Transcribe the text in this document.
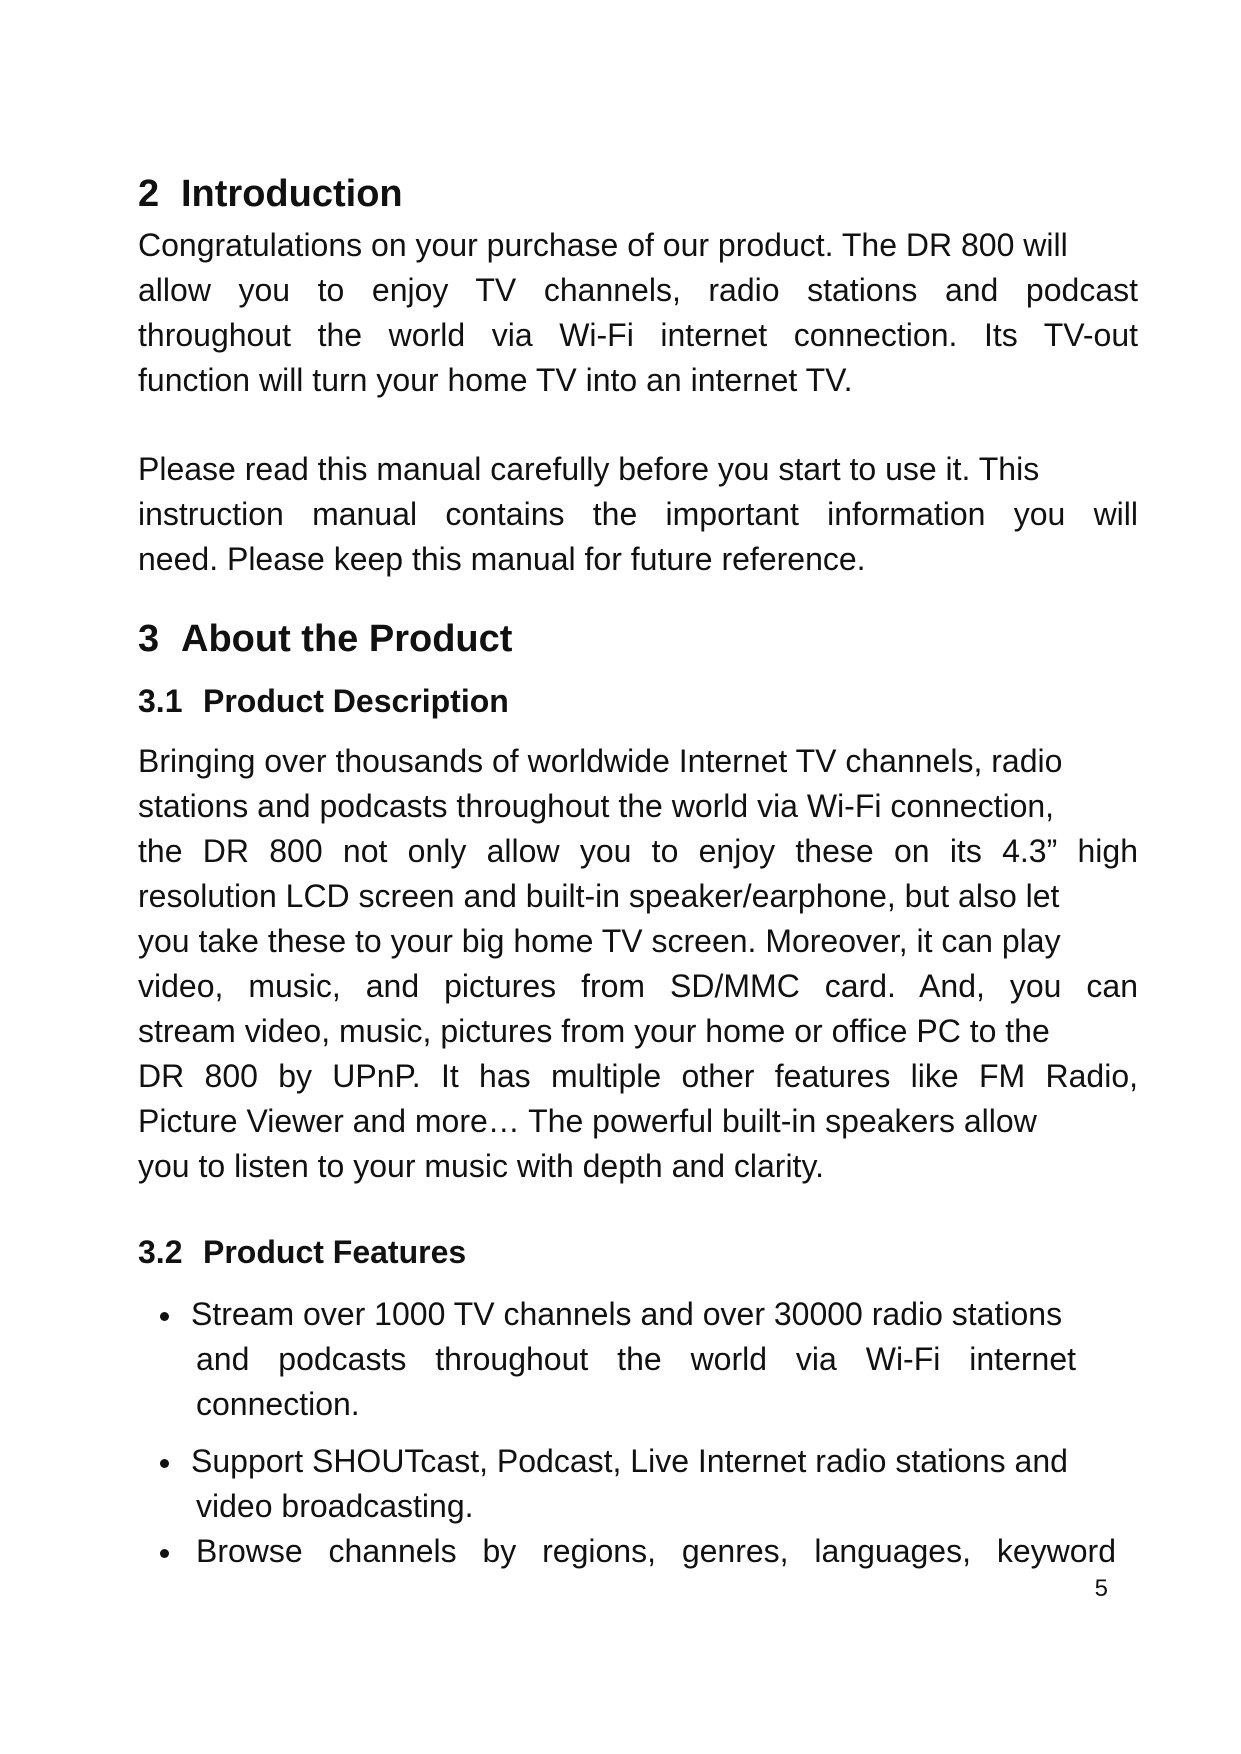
2 Introduction
Congratulations on your purchase of our product. The DR 800 will
allow you to enjoy TV channels, radio stations and podcast
throughout the world via Wi-Fi internet connection. Its TV-out
function will turn your home TV into an internet TV.
Please read this manual carefully before you start to use it. This
instruction manual contains the important information you will
need. Please keep this manual for future reference.
3 About the Product
3.1 Product Description
Bringing over thousands of worldwide Internet TV channels, radio
stations and podcasts throughout the world via Wi-Fi connection,
the DR 800 not only allow you to enjoy these on its 4.3” high
resolution LCD screen and built-in speaker/earphone, but also let
you take these to your big home TV screen. Moreover, it can play
video, music, and pictures from SD/MMC card. And, you can
stream video, music, pictures from your home or office PC to the
DR 800 by UPnP. It has multiple other features like FM Radio,
Picture Viewer and more… The powerful built-in speakers allow
you to listen to your music with depth and clarity.
3.2 Product Features
Stream over 1000 TV channels and over 30000 radio stations
and podcasts throughout the world via Wi-Fi internet
connection.
Support SHOUTcast, Podcast, Live Internet radio stations and
video broadcasting.
Browse channels by regions, genres, languages, keyword
5
